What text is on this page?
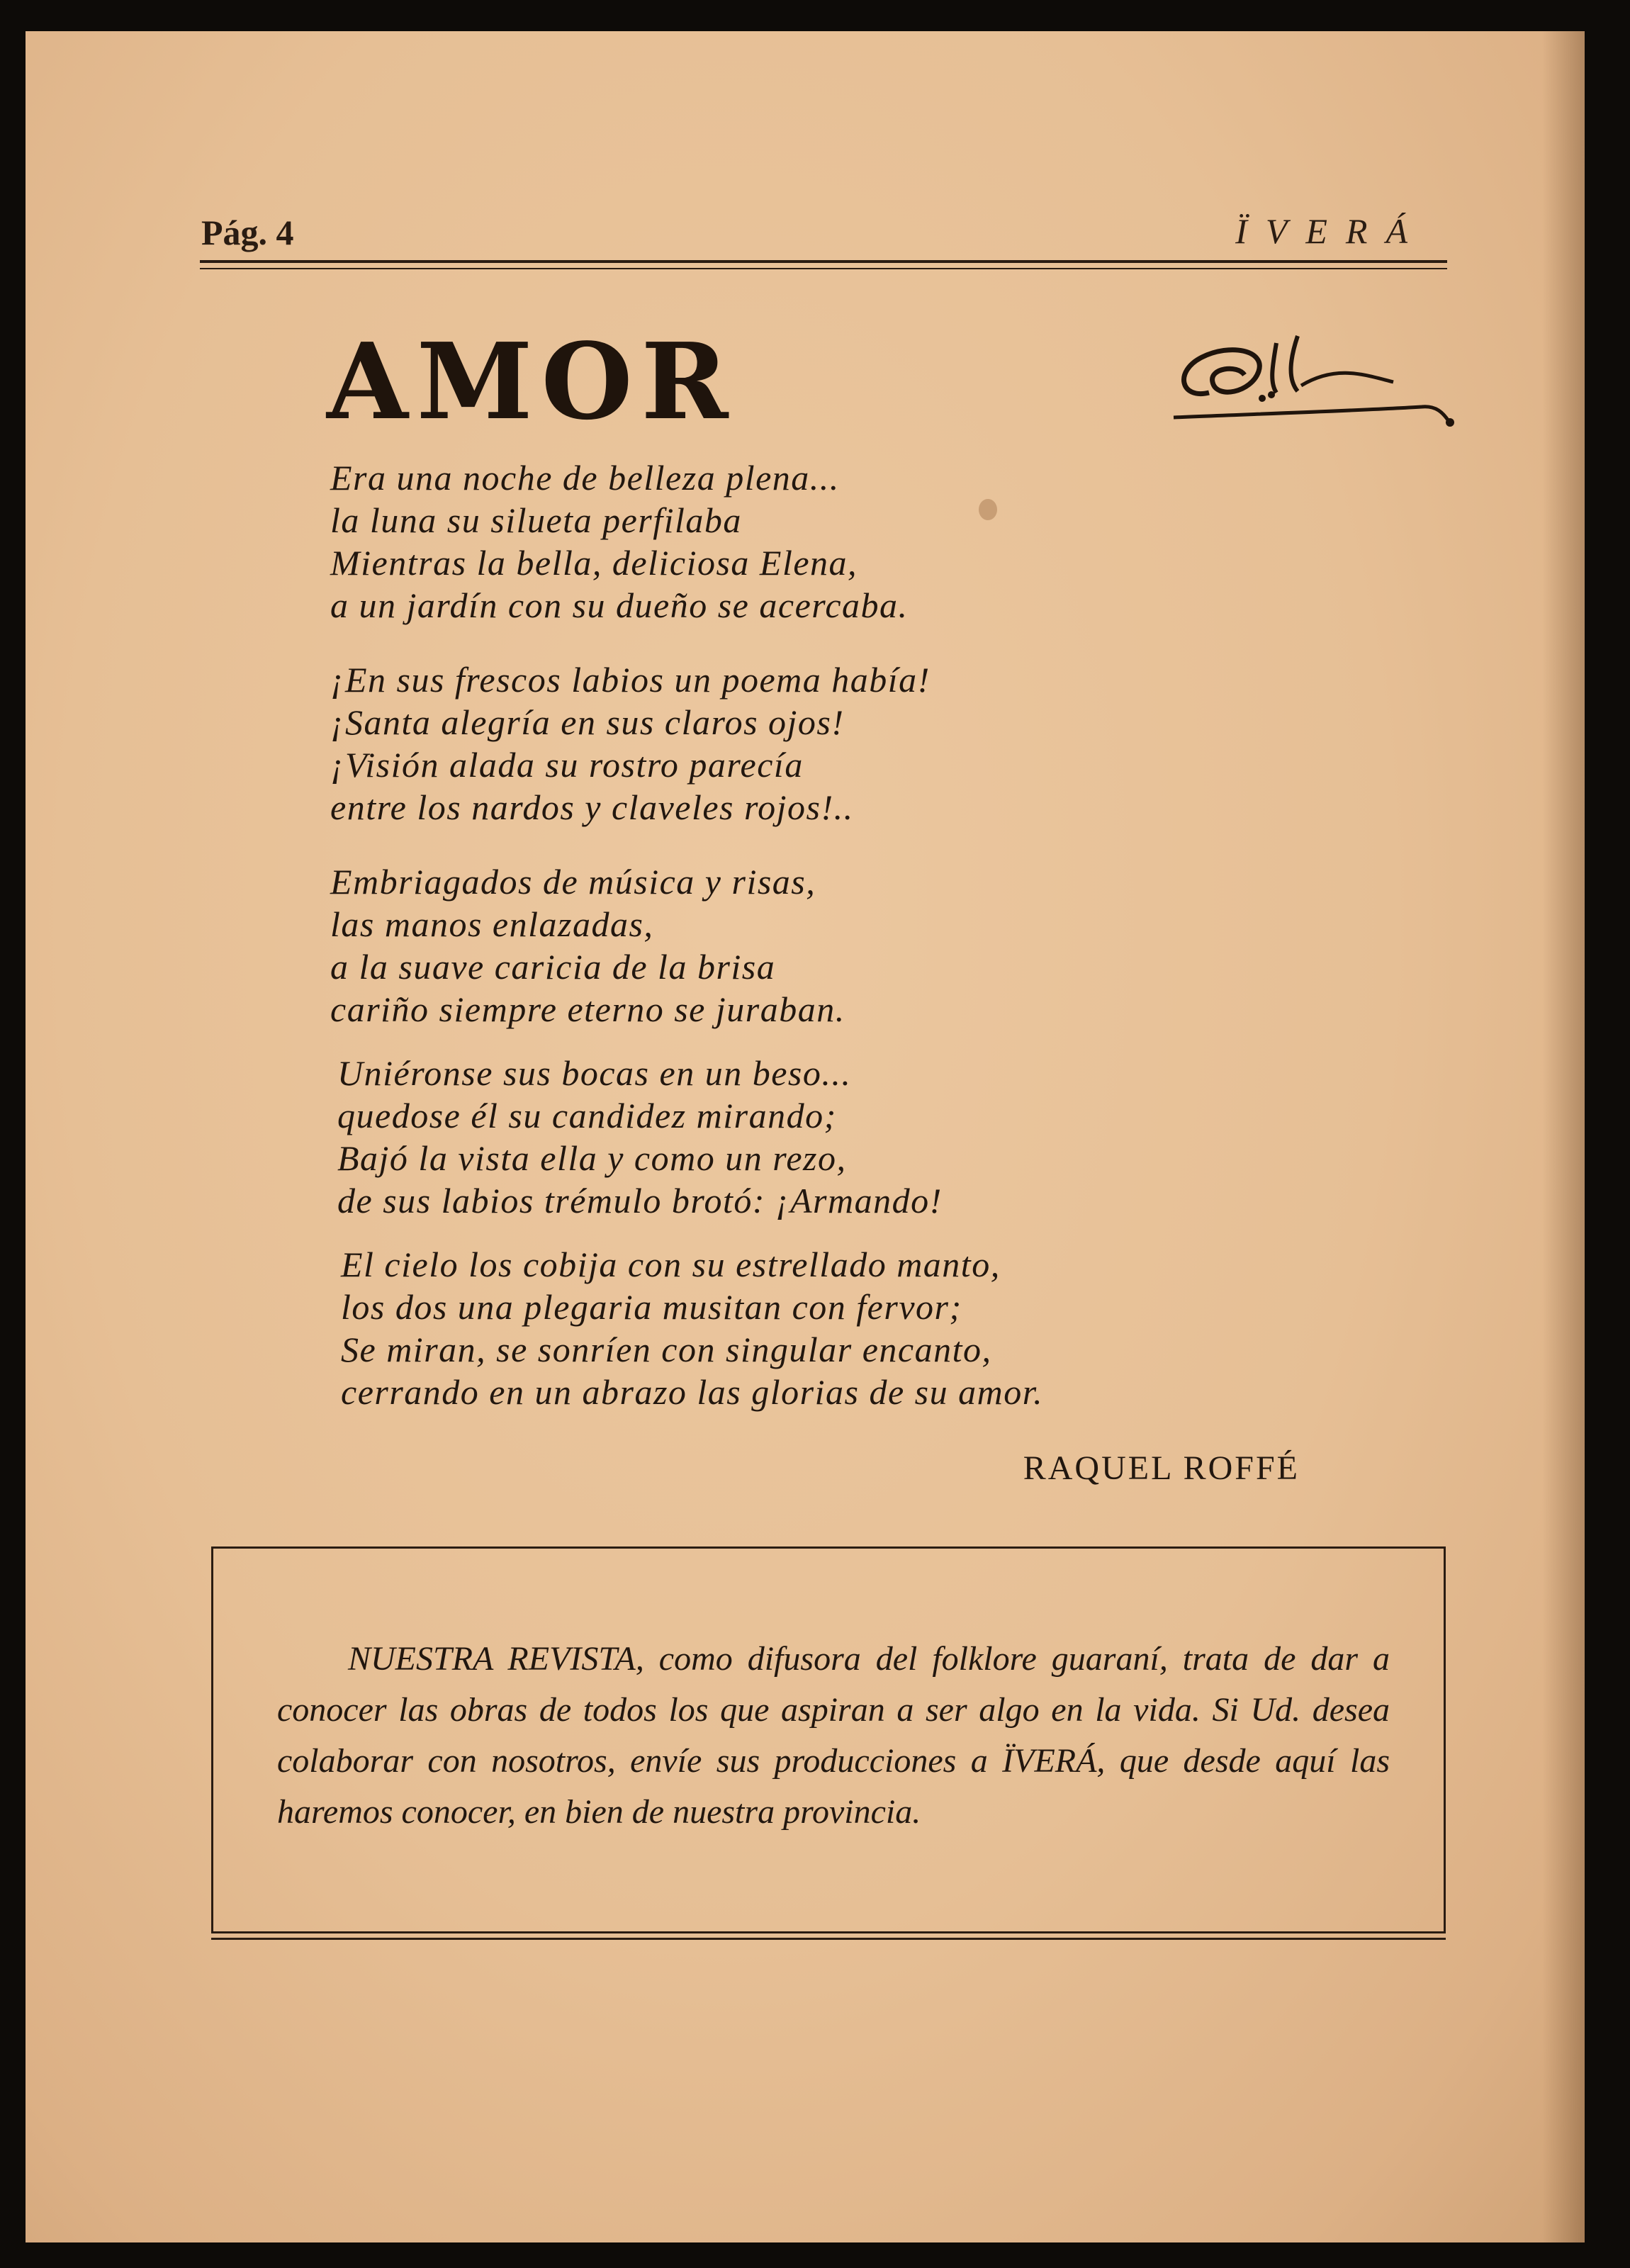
Pág. 4	ÏVERÁ
AMOR
Era una noche de belleza plena...
la luna su silueta perfilaba
Mientras la bella, deliciosa Elena,
a un jardín con su dueño se acercaba.
¡En sus frescos labios un poema había!
¡Santa alegría en sus claros ojos!
¡Visión alada su rostro parecía
entre los nardos y claveles rojos!..
Embriagados de música y risas,
las manos enlazadas,
a la suave caricia de la brisa
cariño siempre eterno se juraban.
Uniéronse sus bocas en un beso...
quedose él su candidez mirando;
Bajó la vista ella y como un rezo,
de sus labios trémulo brotó: ¡Armando!
El cielo los cobija con su estrellado manto,
los dos una plegaria musitan con fervor;
Se miran, se sonríen con singular encanto,
cerrando en un abrazo las glorias de su amor.
RAQUEL ROFFÉ

NUESTRA REVISTA, como difusora del folklore guaraní, trata de dar a conocer las obras de todos los que aspiran a ser algo en la vida. Si Ud. desea colaborar con nosotros, envíe sus producciones a ÏVERÁ, que desde aquí las haremos conocer, en bien de nuestra provincia.
